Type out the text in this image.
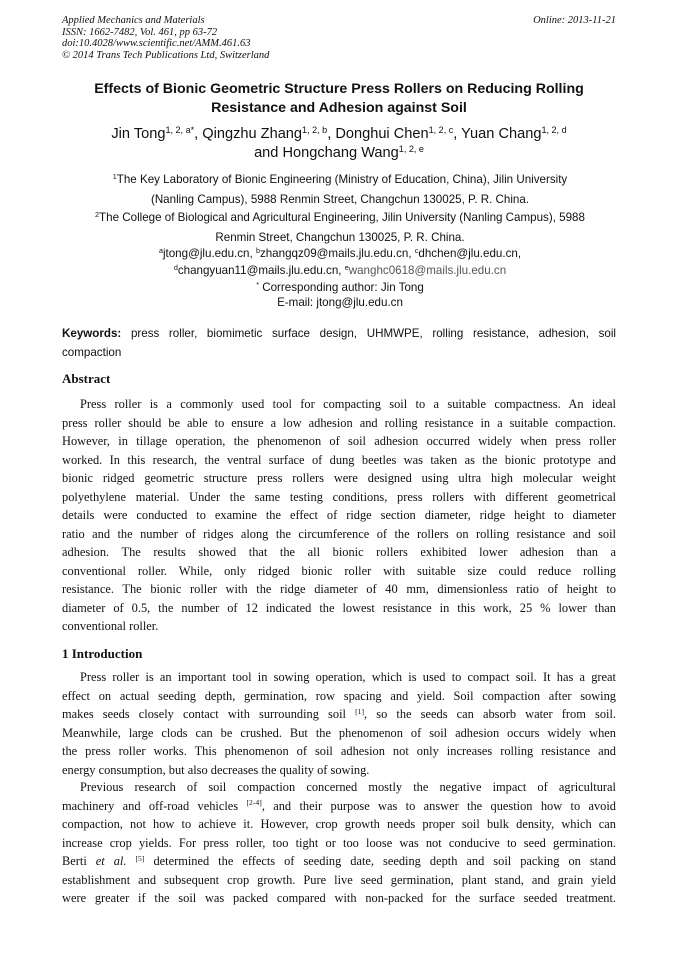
Applied Mechanics and Materials
ISSN: 1662-7482, Vol. 461, pp 63-72
doi:10.4028/www.scientific.net/AMM.461.63
© 2014 Trans Tech Publications Ltd, Switzerland
Online: 2013-11-21
Effects of Bionic Geometric Structure Press Rollers on Reducing Rolling
Resistance and Adhesion against Soil
Jin Tong$^{1, 2, a*}$, Qingzhu Zhang$^{1, 2, b}$, Donghui Chen$^{1, 2, c}$, Yuan Chang$^{1, 2, d}$
and Hongchang Wang$^{1, 2, e}$
$^1$The Key Laboratory of Bionic Engineering (Ministry of Education, China), Jilin University
(Nanling Campus), 5988 Renmin Street, Changchun 130025, P. R. China.
$^2$The College of Biological and Agricultural Engineering, Jilin University (Nanling Campus), 5988
Renmin Street, Changchun 130025, P. R. China.
$^a$jtong@jlu.edu.cn, $^b$zhangqz09@mails.jlu.edu.cn, $^c$dhchen@jlu.edu.cn,
$^d$changyuan11@mails.jlu.edu.cn, $^e$wanghc0618@mails.jlu.edu.cn
* Corresponding author: Jin Tong
E-mail: jtong@jlu.edu.cn
Keywords: press roller, biomimetic surface design, UHMWPE, rolling resistance, adhesion, soil
compaction
Abstract
Press roller is a commonly used tool for compacting soil to a suitable compactness. An ideal
press roller should be able to ensure a low adhesion and rolling resistance in a suitable compaction.
However, in tillage operation, the phenomenon of soil adhesion occurred widely when press roller
worked. In this research, the ventral surface of dung beetles was taken as the bionic prototype and
bionic ridged geometric structure press rollers were designed using ultra high molecular weight
polyethylene material. Under the same testing conditions, press rollers with different geometrical
details were conducted to examine the effect of ridge section diameter, ridge height to diameter
ratio and the number of ridges along the circumference of the rollers on rolling resistance and soil
adhesion. The results showed that the all bionic rollers exhibited lower adhesion than a
conventional roller. While, only ridged bionic roller with suitable size could reduce rolling
resistance. The bionic roller with the ridge diameter of 40 mm, dimensionless ratio of height to
diameter of 0.5, the number of 12 indicated the lowest resistance in this work, 25 % lower than
conventional roller.
1 Introduction
Press roller is an important tool in sowing operation, which is used to compact soil. It has a great
effect on actual seeding depth, germination, row spacing and yield. Soil compaction after sowing
makes seeds closely contact with surrounding soil [1], so the seeds can absorb water from soil.
Meanwhile, large clods can be crushed. But the phenomenon of soil adhesion occurs widely when
the press roller works. This phenomenon of soil adhesion not only increases rolling resistance and
energy consumption, but also decreases the quality of sowing.
Previous research of soil compaction concerned mostly the negative impact of agricultural
machinery and off-road vehicles [2-4], and their purpose was to answer the question how to avoid
compaction, not how to achieve it. However, crop growth needs proper soil bulk density, which can
increase crop yields. For press roller, too tight or too loose was not conducive to seed germination.
Berti et al. [5] determined the effects of seeding date, seeding depth and soil packing on stand
establishment and subsequent crop growth. Pure live seed germination, plant stand, and grain yield
were greater if the soil was packed compared with non-packed for the surface seeded treatment.
